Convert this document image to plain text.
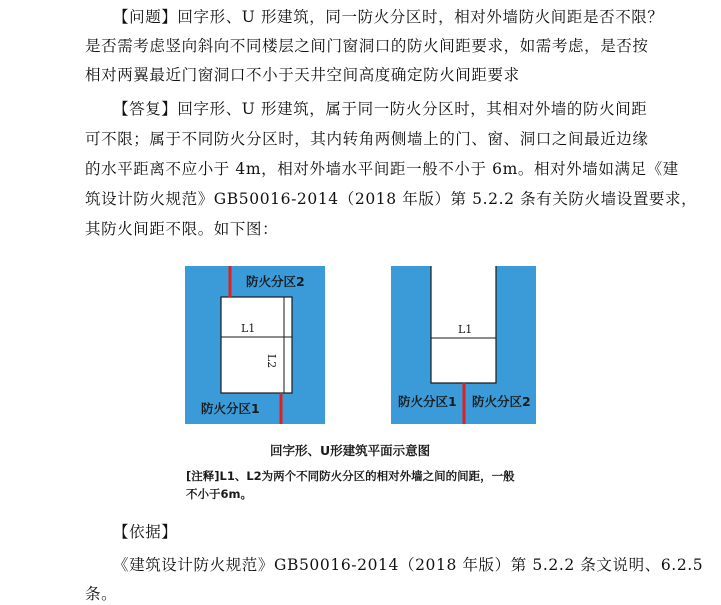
【问题】回字形、U 形建筑，同一防火分区时，相对外墙防火间距是否不限？
是否需考虑竖向斜向不同楼层之间门窗洞口的防火间距要求，如需考虑，是否按
相对两翼最近门窗洞口不小于天井空间高度确定防火间距要求
【答复】回字形、U 形建筑，属于同一防火分区时，其相对外墙的防火间距
可不限；属于不同防火分区时，其内转角两侧墙上的门、窗、洞口之间最近边缘
的水平距离不应小于 4m，相对外墙水平间距一般不小于 6m。相对外墙如满足《建
筑设计防火规范》GB50016-2014（2018 年版）第 5.2.2 条有关防火墙设置要求，
其防火间距不限。如下图：
L1
L2
防火分区2
防火分区1
L1
防火分区1 防火分区2
回字形、U形建筑平面示意图
[注释]L1、L2为两个不同防火分区的相对外墙之间的间距，一般
不小于6m。
【依据】
《建筑设计防火规范》GB50016-2014（2018 年版）第 5.2.2 条文说明、6.2.5
条。
